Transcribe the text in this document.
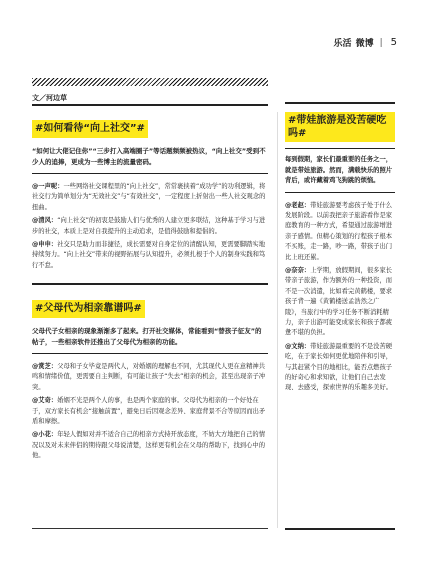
乐活 微博 | 5
文／河边草
#如何看待“向上社交”#
“如何让大佬记住你”“三步打入高端圈子”等话题频频被热议，“向上社交”受到不少人的追捧，更成为一些博主的流量密码。

@一声呢：一些网络社交课程里的“向上社交”，常常裹挟着“成功学”的功利逻辑，将社交行为简单划分为“无效社交”与“有效社交”，一定程度上折射出一些人社交观念的扭曲。

@清风：“向上社交”的初衷是鼓励人们与优秀的人建立更多联结，这种基于学习与进步的社交，本质上是对自我提升的主动追求，是值得鼓励和提倡的。

@申申：社交只是助力而非捷径，成长需要对自身定位的清醒认知，更需要脚踏实地持续努力。“向上社交”带来的视野拓展与认知提升，必须扎根于个人的制身实践和笃行不怠。

#父母代为相亲靠谱吗#
父母代子女相亲的现象渐渐多了起来。打开社交媒体，常能看到“替孩子征友”的帖子，一些相亲软件还推出了父母代为相亲的功能。

@赏芝：父母和子女毕竟是两代人，对婚姻的理解也不同，尤其现代人更在意精神共鸣和情绪价值，更需要自主判断，有可能让孩子“失去”相亲的机会，甚至出现亲子冲突。

@艾奇：婚姻不光是两个人的事，也是两个家庭的事。父母代为相亲的一个好处在于，双方家长有机会“接触前置”，避免日后因观念差异、家庭背景不合等原因而出矛盾和摩擦。

@小花：年轻人假如对并不适合自己的相亲方式持开放态度，不妨大方地把自己的情况以及对未来伴侣的期待跟父母说清楚，这样更有机会在父母的帮助下，找到心中的他。

#带娃旅游是没苦硬吃吗#
每到假期，家长们最重要的任务之一，就是带娃旅游。然而，满载快乐的照片背后，或许藏着鸡飞狗跳的烦恼。

@老赵：带娃旅游要考虑孩子处于什么发展阶段。以前我把亲子旅游看作是家庭教育的一种方式，希望通过旅游增进亲子感情。但精心策划的行程孩子根本不买账，走一路，吵一路，带孩子出门比上班还累。

@奈奈：上学期，放假期间，很多家长带亲子旅游，作为额外的一种投资，而不是一次消遣，比如看完黄鹤楼，要求孩子背一遍《黄鹤楼送孟浩然之广陵》，当旅行中的学习任务不断消耗精力，亲子出游可能变成家长和孩子都疲惫不堪的负担。

@文纳：带娃旅游最重要的不是没苦硬吃，在于家长如何更优地陪伴和引导，与其赶紧个目的地相比，能否点燃孩子的好奇心和求知欲，让他们自己去发现、去感受，探索世界的乐趣多美好。
